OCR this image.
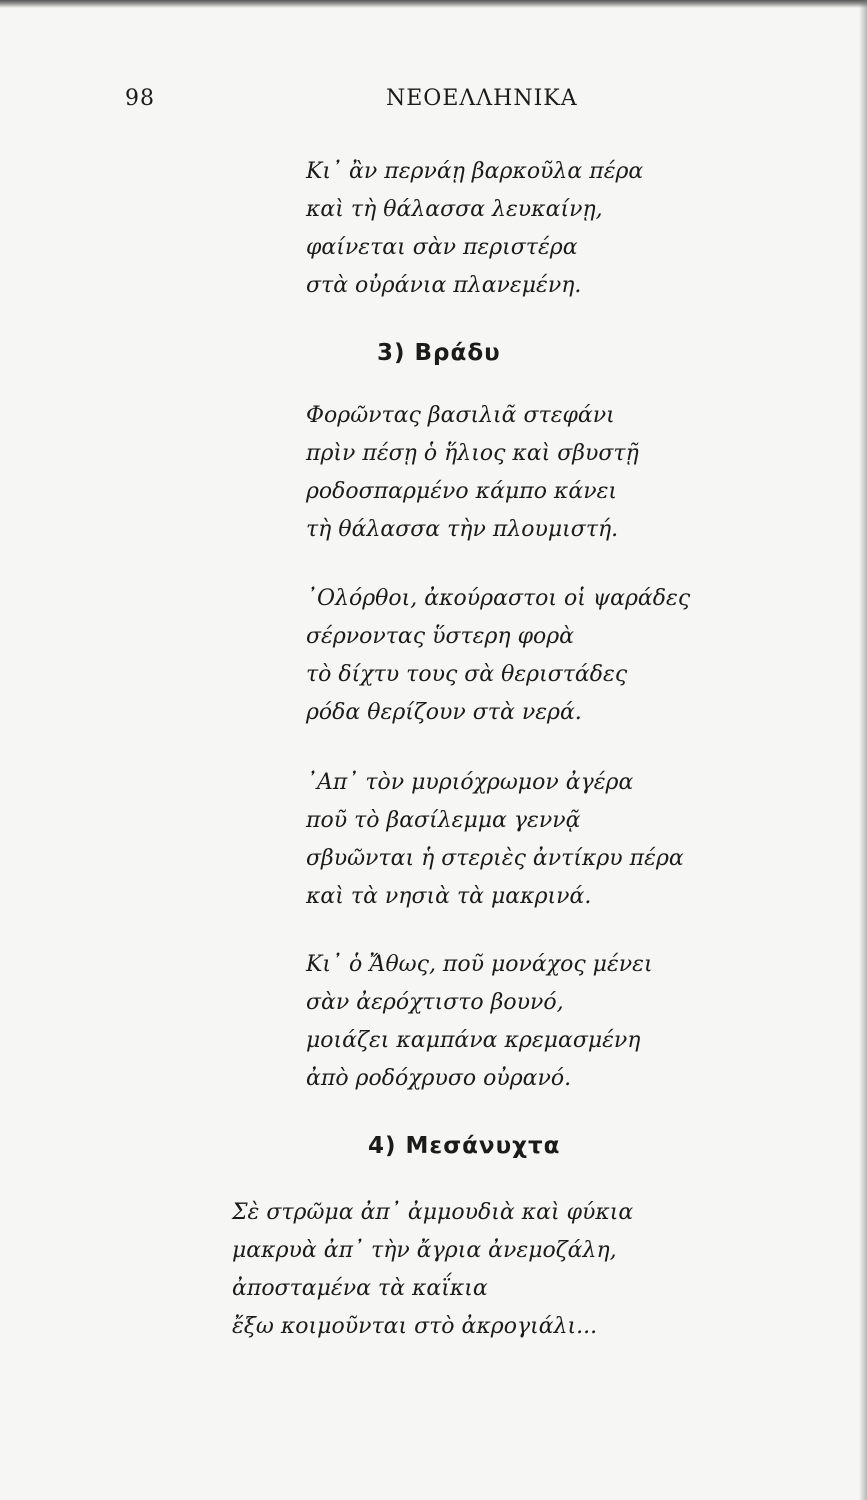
98	ΝΕΟΕΛΛΗΝΙΚΑ
Κι᾽ ἂν περνάῃ βαρκοῦλα πέρα
καὶ τὴ θάλασσα λευκαίνῃ,
φαίνεται σὰν περιστέρα
στὰ οὐράνια πλανεμένη.
3) Βράδυ
Φορῶντας βασιλιᾶ στεφάνι
πρὶν πέσῃ ὁ ἥλιος καὶ σβυστῇ
ροδοσπαρμένο κάμπο κάνει
τὴ θάλασσα τὴν πλουμιστή.
᾿Ολόρθοι, ἀκούραστοι οἱ ψαράδες
σέρνοντας ὕστερη φορὰ
τὸ δίχτυ τους σὰ θεριστάδες
ρόδα θερίζουν στὰ νερά.
᾿Απ᾽ τὸν μυριόχρωμον ἀγέρα
ποῦ τὸ βασίλεμμα γεννᾷ
σβυῶνται ἡ στεριὲς ἀντίκρυ πέρα
καὶ τὰ νησιὰ τὰ μακρινά.
Κι᾽ ὁ Ἄθως, ποῦ μονάχος μένει
σὰν ἀερόχτιστο βουνό,
μοιάζει καμπάνα κρεμασμένη
ἀπὸ ροδόχρυσο οὐρανό.
4) Μεσάνυχτα
Σὲ στρῶμα ἀπ᾽ ἀμμουδιὰ καὶ φύκια
μακρυὰ ἀπ᾽ τὴν ἄγρια ἀνεμοζάλη,
ἀποσταμένα τὰ καΐκια
ἔξω κοιμοῦνται στὸ ἀκρογιάλι...
